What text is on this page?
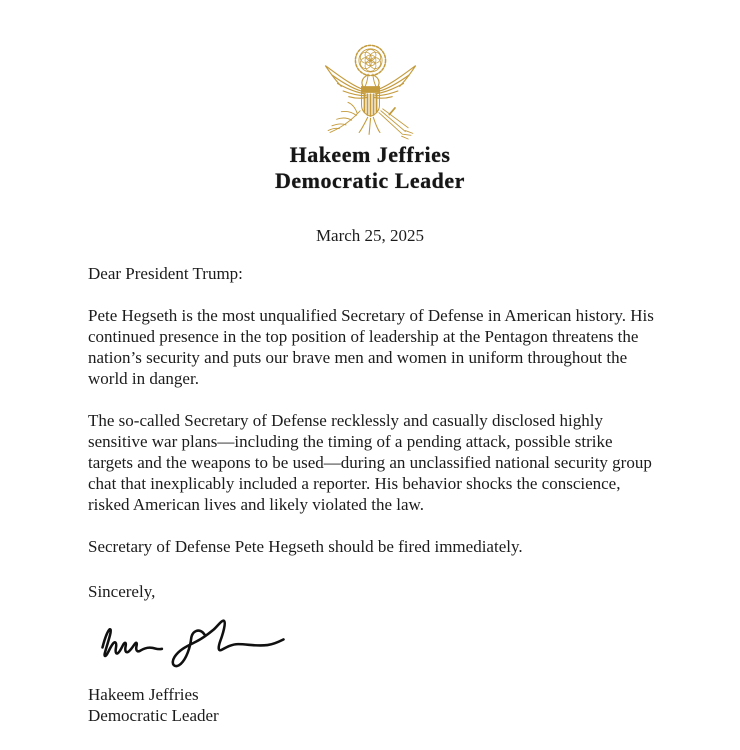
Hakeem Jeffries
Democratic Leader
March 25, 2025
Dear President Trump:
Pete Hegseth is the most unqualified Secretary of Defense in American history. His
continued presence in the top position of leadership at the Pentagon threatens the
nation’s security and puts our brave men and women in uniform throughout the
world in danger.
The so-called Secretary of Defense recklessly and casually disclosed highly
sensitive war plans—including the timing of a pending attack, possible strike
targets and the weapons to be used—during an unclassified national security group
chat that inexplicably included a reporter. His behavior shocks the conscience,
risked American lives and likely violated the law.
Secretary of Defense Pete Hegseth should be fired immediately.
Sincerely,
Hakeem Jeffries
Democratic Leader
